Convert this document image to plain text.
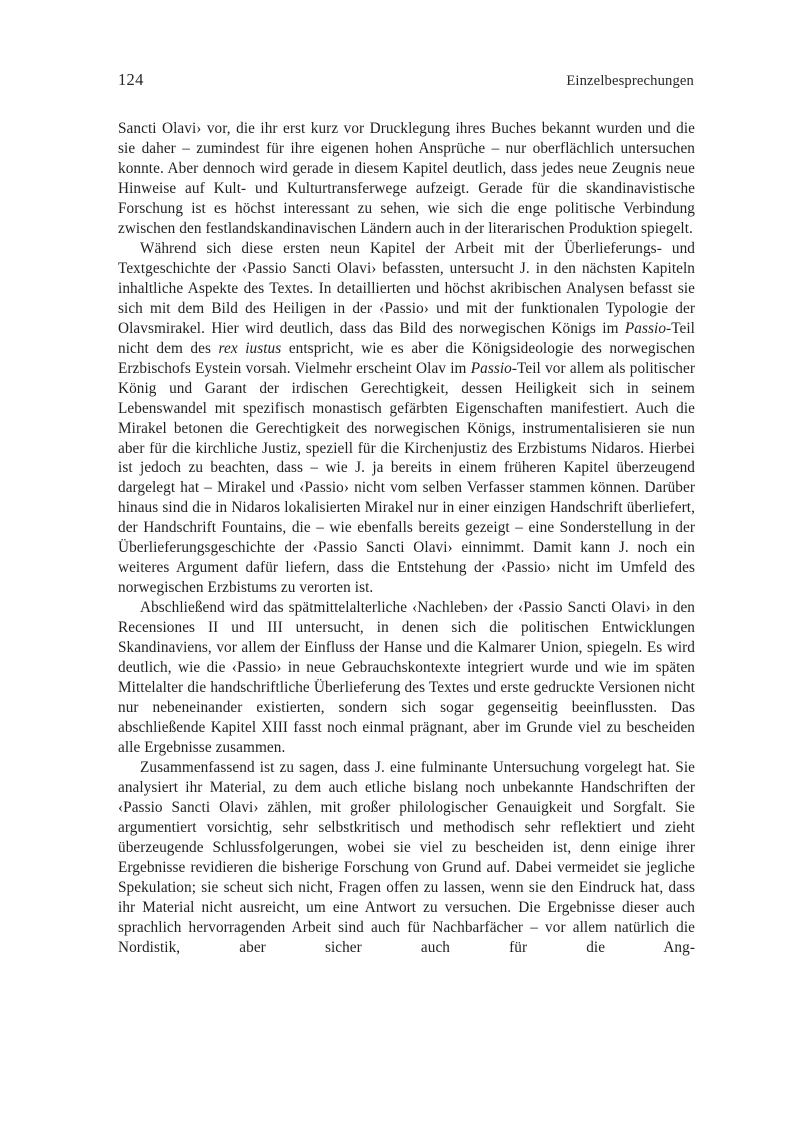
124	Einzelbesprechungen

Sancti Olavi› vor, die ihr erst kurz vor Drucklegung ihres Buches bekannt wurden und die sie daher – zumindest für ihre eigenen hohen Ansprüche – nur oberflächlich untersuchen konnte. Aber dennoch wird gerade in diesem Kapitel deutlich, dass jedes neue Zeugnis neue Hinweise auf Kult- und Kulturtransferwege aufzeigt. Gerade für die skandinavistische Forschung ist es höchst interessant zu sehen, wie sich die enge politische Verbindung zwischen den festlandskandinavischen Ländern auch in der literarischen Produktion spiegelt.

Während sich diese ersten neun Kapitel der Arbeit mit der Überlieferungs- und Textgeschichte der ‹Passio Sancti Olavi› befassten, untersucht J. in den nächsten Kapiteln inhaltliche Aspekte des Textes. In detaillierten und höchst akribischen Analysen befasst sie sich mit dem Bild des Heiligen in der ‹Passio› und mit der funktionalen Typologie der Olavsmirakel. Hier wird deutlich, dass das Bild des norwegischen Königs im Passio-Teil nicht dem des rex iustus entspricht, wie es aber die Königsideologie des norwegischen Erzbischofs Eystein vorsah. Vielmehr erscheint Olav im Passio-Teil vor allem als politischer König und Garant der irdischen Gerechtigkeit, dessen Heiligkeit sich in seinem Lebenswandel mit spezifisch monastisch gefärbten Eigenschaften manifestiert. Auch die Mirakel betonen die Gerechtigkeit des norwegischen Königs, instrumentalisieren sie nun aber für die kirchliche Justiz, speziell für die Kirchenjustiz des Erzbistums Nidaros. Hierbei ist jedoch zu beachten, dass – wie J. ja bereits in einem früheren Kapitel überzeugend dargelegt hat – Mirakel und ‹Passio› nicht vom selben Verfasser stammen können. Darüber hinaus sind die in Nidaros lokalisierten Mirakel nur in einer einzigen Handschrift überliefert, der Handschrift Fountains, die – wie ebenfalls bereits gezeigt – eine Sonderstellung in der Überlieferungsgeschichte der ‹Passio Sancti Olavi› einnimmt. Damit kann J. noch ein weiteres Argument dafür liefern, dass die Entstehung der ‹Passio› nicht im Umfeld des norwegischen Erzbistums zu verorten ist.

Abschließend wird das spätmittelalterliche ‹Nachleben› der ‹Passio Sancti Olavi› in den Recensiones II und III untersucht, in denen sich die politischen Entwicklungen Skandinaviens, vor allem der Einfluss der Hanse und die Kalmarer Union, spiegeln. Es wird deutlich, wie die ‹Passio› in neue Gebrauchskontexte integriert wurde und wie im späten Mittelalter die handschriftliche Überlieferung des Textes und erste gedruckte Versionen nicht nur nebeneinander existierten, sondern sich sogar gegenseitig beeinflussten. Das abschließende Kapitel XIII fasst noch einmal prägnant, aber im Grunde viel zu bescheiden alle Ergebnisse zusammen.

Zusammenfassend ist zu sagen, dass J. eine fulminante Untersuchung vorgelegt hat. Sie analysiert ihr Material, zu dem auch etliche bislang noch unbekannte Handschriften der ‹Passio Sancti Olavi› zählen, mit großer philologischer Genauigkeit und Sorgfalt. Sie argumentiert vorsichtig, sehr selbstkritisch und methodisch sehr reflektiert und zieht überzeugende Schlussfolgerungen, wobei sie viel zu bescheiden ist, denn einige ihrer Ergebnisse revidieren die bisherige Forschung von Grund auf. Dabei vermeidet sie jegliche Spekulation; sie scheut sich nicht, Fragen offen zu lassen, wenn sie den Eindruck hat, dass ihr Material nicht ausreicht, um eine Antwort zu versuchen. Die Ergebnisse dieser auch sprachlich hervorragenden Arbeit sind auch für Nachbarfächer – vor allem natürlich die Nordistik, aber sicher auch für die Ang-
